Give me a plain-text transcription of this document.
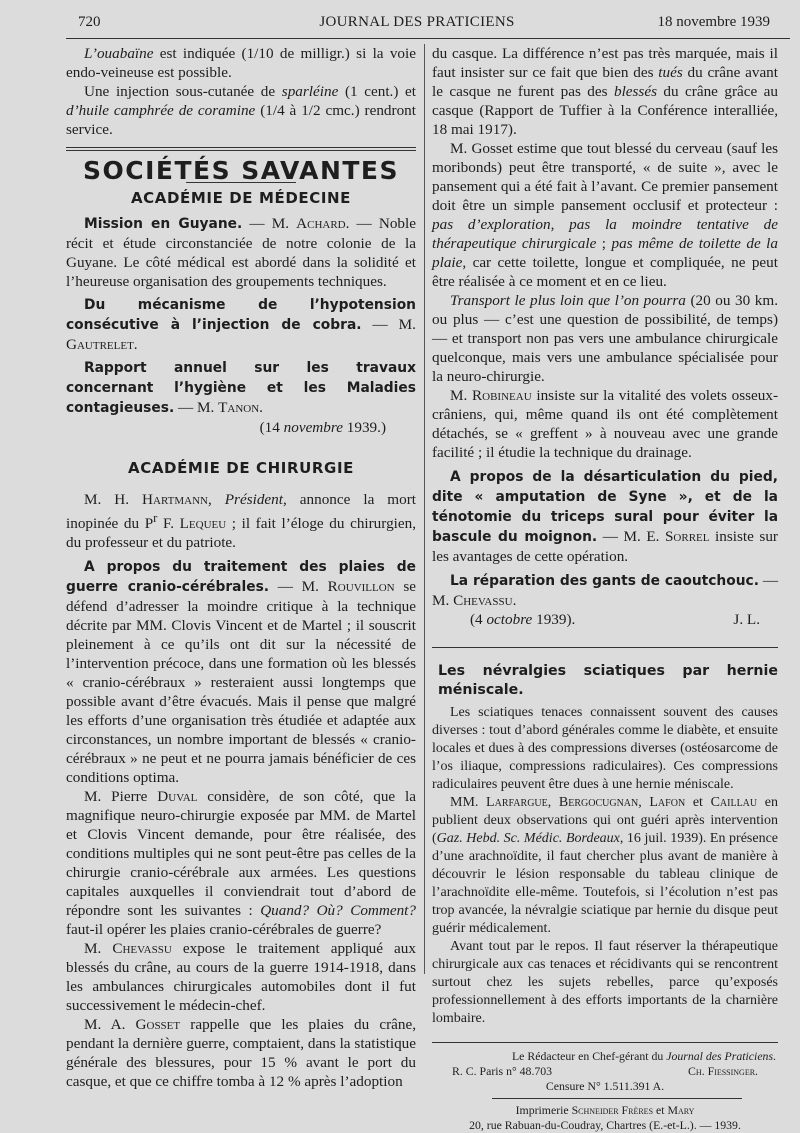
720	JOURNAL DES PRATICIENS	18 novembre 1939

L’ouabaïne est indiquée (1/10 de milligr.) si la voie endo-veineuse est possible.

Une injection sous-cutanée de sparléine (1 cent.) et d’huile camphrée de coramine (1/4 à 1/2 cmc.) rendront service.

SOCIÉTÉS SAVANTES
ACADÉMIE DE MÉDECINE

Mission en Guyane. — M. Achard. — Noble récit et étude circonstanciée de notre colonie de la Guyane. Le côté médical est abordé dans la solidité et l’heureuse organisation des groupements techniques.

Du mécanisme de l’hypotension consécutive à l’injection de cobra. — M. Gautrelet.

Rapport annuel sur les travaux concernant l’hygiène et les Maladies contagieuses. — M. Tanon.

(14 novembre 1939.)

ACADÉMIE DE CHIRURGIE

M. H. Hartmann, Président, annonce la mort inopinée du $P^r$ F. Lequeu ; il fait l’éloge du chirurgien, du professeur et du patriote.

A propos du traitement des plaies de guerre cranio-cérébrales. — M. Rouvillon se défend d’adresser la moindre critique à la technique décrite par MM. Clovis Vincent et de Martel ; il souscrit pleinement à ce qu’ils ont dit sur la nécessité de l’intervention précoce, dans une formation où les blessés « cranio-cérébraux » resteraient aussi longtemps que possible avant d’être évacués. Mais il pense que malgré les efforts d’une organisation très étudiée et adaptée aux circonstances, un nombre important de blessés « cranio-cérébraux » ne peut et ne pourra jamais bénéficier de ces conditions optima.

M. Pierre Duval considère, de son côté, que la magnifique neuro-chirurgie exposée par MM. de Martel et Clovis Vincent demande, pour être réalisée, des conditions multiples qui ne sont peut-être pas celles de la chirurgie cranio-cérébrale aux armées. Les questions capitales auxquelles il conviendrait tout d’abord de répondre sont les suivantes : Quand? Où? Comment? faut-il opérer les plaies cranio-cérébrales de guerre?

M. Chevassu expose le traitement appliqué aux blessés du crâne, au cours de la guerre 1914-1918, dans les ambulances chirurgicales automobiles dont il fut successivement le médecin-chef.

M. A. Gosset rappelle que les plaies du crâne, pendant la dernière guerre, comptaient, dans la statistique générale des blessures, pour 15 % avant le port du casque, et que ce chiffre tomba à 12 % après l’adoption

du casque. La différence n’est pas très marquée, mais il faut insister sur ce fait que bien des tués du crâne avant le casque ne furent pas des blessés du crâne grâce au casque (Rapport de Tuffier à la Conférence interalliée, 18 mai 1917).

M. Gosset estime que tout blessé du cerveau (sauf les moribonds) peut être transporté, « de suite », avec le pansement qui a été fait à l’avant. Ce premier pansement doit être un simple pansement occlusif et protecteur : pas d’exploration, pas la moindre tentative de thérapeutique chirurgicale ; pas même de toilette de la plaie, car cette toilette, longue et compliquée, ne peut être réalisée à ce moment et en ce lieu.

Transport le plus loin que l’on pourra (20 ou 30 km. ou plus — c’est une question de possibilité, de temps) — et transport non pas vers une ambulance chirurgicale quelconque, mais vers une ambulance spécialisée pour la neuro-chirurgie.

M. Robineau insiste sur la vitalité des volets osseux-crâniens, qui, même quand ils ont été complètement détachés, se « greffent » à nouveau avec une grande facilité ; il étudie la technique du drainage.

A propos de la désarticulation du pied, dite « amputation de Syne », et de la ténotomie du triceps sural pour éviter la bascule du moignon. — M. E. Sorrel insiste sur les avantages de cette opération.

La réparation des gants de caoutchouc. — M. Chevassu.

(4 octobre 1939).	J. L.
Les névralgies sciatiques par hernie méniscale.

Les sciatiques tenaces connaissent souvent des causes diverses : tout d’abord générales comme le diabète, et ensuite locales et dues à des compressions diverses (ostéosarcome de l’os iliaque, compressions radiculaires). Ces compressions radiculaires peuvent être dues à une hernie méniscale.

MM. Larfargue, Bergocugnan, Lafon et Caillau en publient deux observations qui ont guéri après intervention (Gaz. Hebd. Sc. Médic. Bordeaux, 16 juil. 1939). En présence d’une arachnoïdite, il faut chercher plus avant de manière à découvrir le lésion responsable du tableau clinique de l’arachnoïdite elle-même. Toutefois, si l’écolution n’est pas trop avancée, la névralgie sciatique par hernie du disque peut guérir médicalement.

Avant tout par le repos. Il faut réserver la thérapeutique chirurgicale aux cas tenaces et récidivants qui se rencontrent surtout chez les sujets rebelles, parce qu’exposés professionnellement à des efforts importants de la charnière lombaire.

Le Rédacteur en Chef-gérant du Journal des Praticiens.
R. C. Paris n° 48.703	Ch. Fiessinger.
Censure N° 1.511.391 A.
Imprimerie Schneider Frères et Mary
20, rue Rabuan-du-Coudray, Chartres (E.-et-L.). — 1939.
